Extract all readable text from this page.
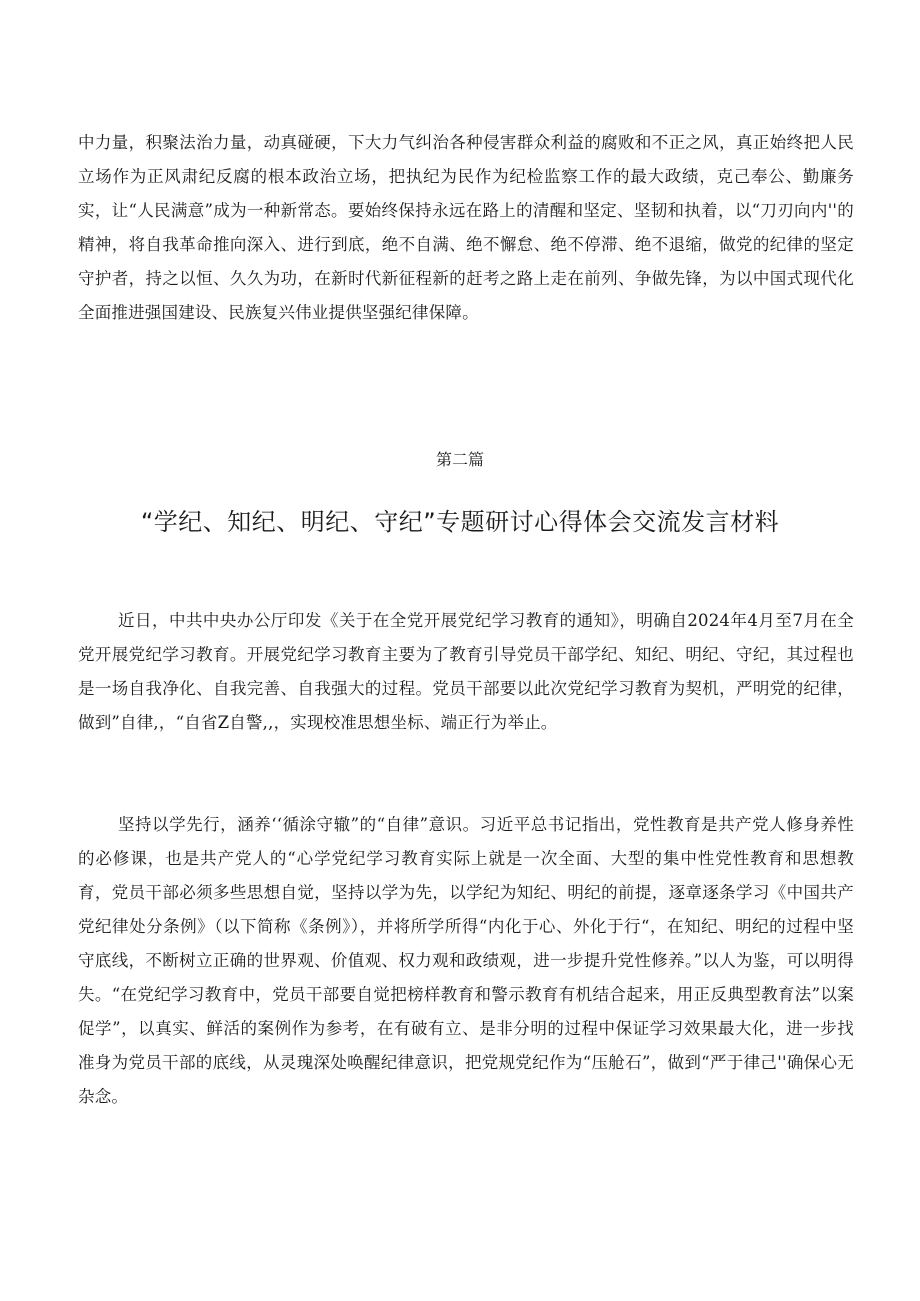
中力量，积聚法治力量，动真碰硬，下大力气纠治各种侵害群众利益的腐败和不正之风，真正始终把人民立场作为正风肃纪反腐的根本政治立场，把执纪为民作为纪检监察工作的最大政绩，克己奉公、勤廉务实，让“人民满意”成为一种新常态。要始终保持永远在路上的清醒和坚定、坚韧和执着，以“刀刃向内''的精神，将自我革命推向深入、进行到底，绝不自满、绝不懈怠、绝不停滞、绝不退缩，做党的纪律的坚定守护者，持之以恒、久久为功，在新时代新征程新的赶考之路上走在前列、争做先锋，为以中国式现代化全面推进强国建设、民族复兴伟业提供坚强纪律保障。

第二篇

“学纪、知纪、明纪、守纪”专题研讨心得体会交流发言材料

近日，中共中央办公厅印发《关于在全党开展党纪学习教育的通知》，明确自2024年4月至7月在全党开展党纪学习教育。开展党纪学习教育主要为了教育引导党员干部学纪、知纪、明纪、守纪，其过程也是一场自我净化、自我完善、自我强大的过程。党员干部要以此次党纪学习教育为契机，严明党的纪律，做到”自律,，“自省Z自警,,，实现校准思想坐标、端正行为举止。

坚持以学先行，涵养‘‘循涂守辙”的“自律”意识。习近平总书记指出，党性教育是共产党人修身养性的必修课，也是共产党人的“心学党纪学习教育实际上就是一次全面、大型的集中性党性教育和思想教育，党员干部必须多些思想自觉，坚持以学为先，以学纪为知纪、明纪的前提，逐章逐条学习《中国共产党纪律处分条例》（以下简称《条例》），并将所学所得“内化于心、外化于行“，在知纪、明纪的过程中坚守底线，不断树立正确的世界观、价值观、权力观和政绩观，进一步提升党性修养。”以人为鉴，可以明得失。“在党纪学习教育中，党员干部要自觉把榜样教育和警示教育有机结合起来，用正反典型教育法”以案促学”，以真实、鲜活的案例作为参考，在有破有立、是非分明的过程中保证学习效果最大化，进一步找准身为党员干部的底线，从灵瑰深处唤醒纪律意识，把党规党纪作为“压舱石”，做到“严于律己''确保心无杂念。
